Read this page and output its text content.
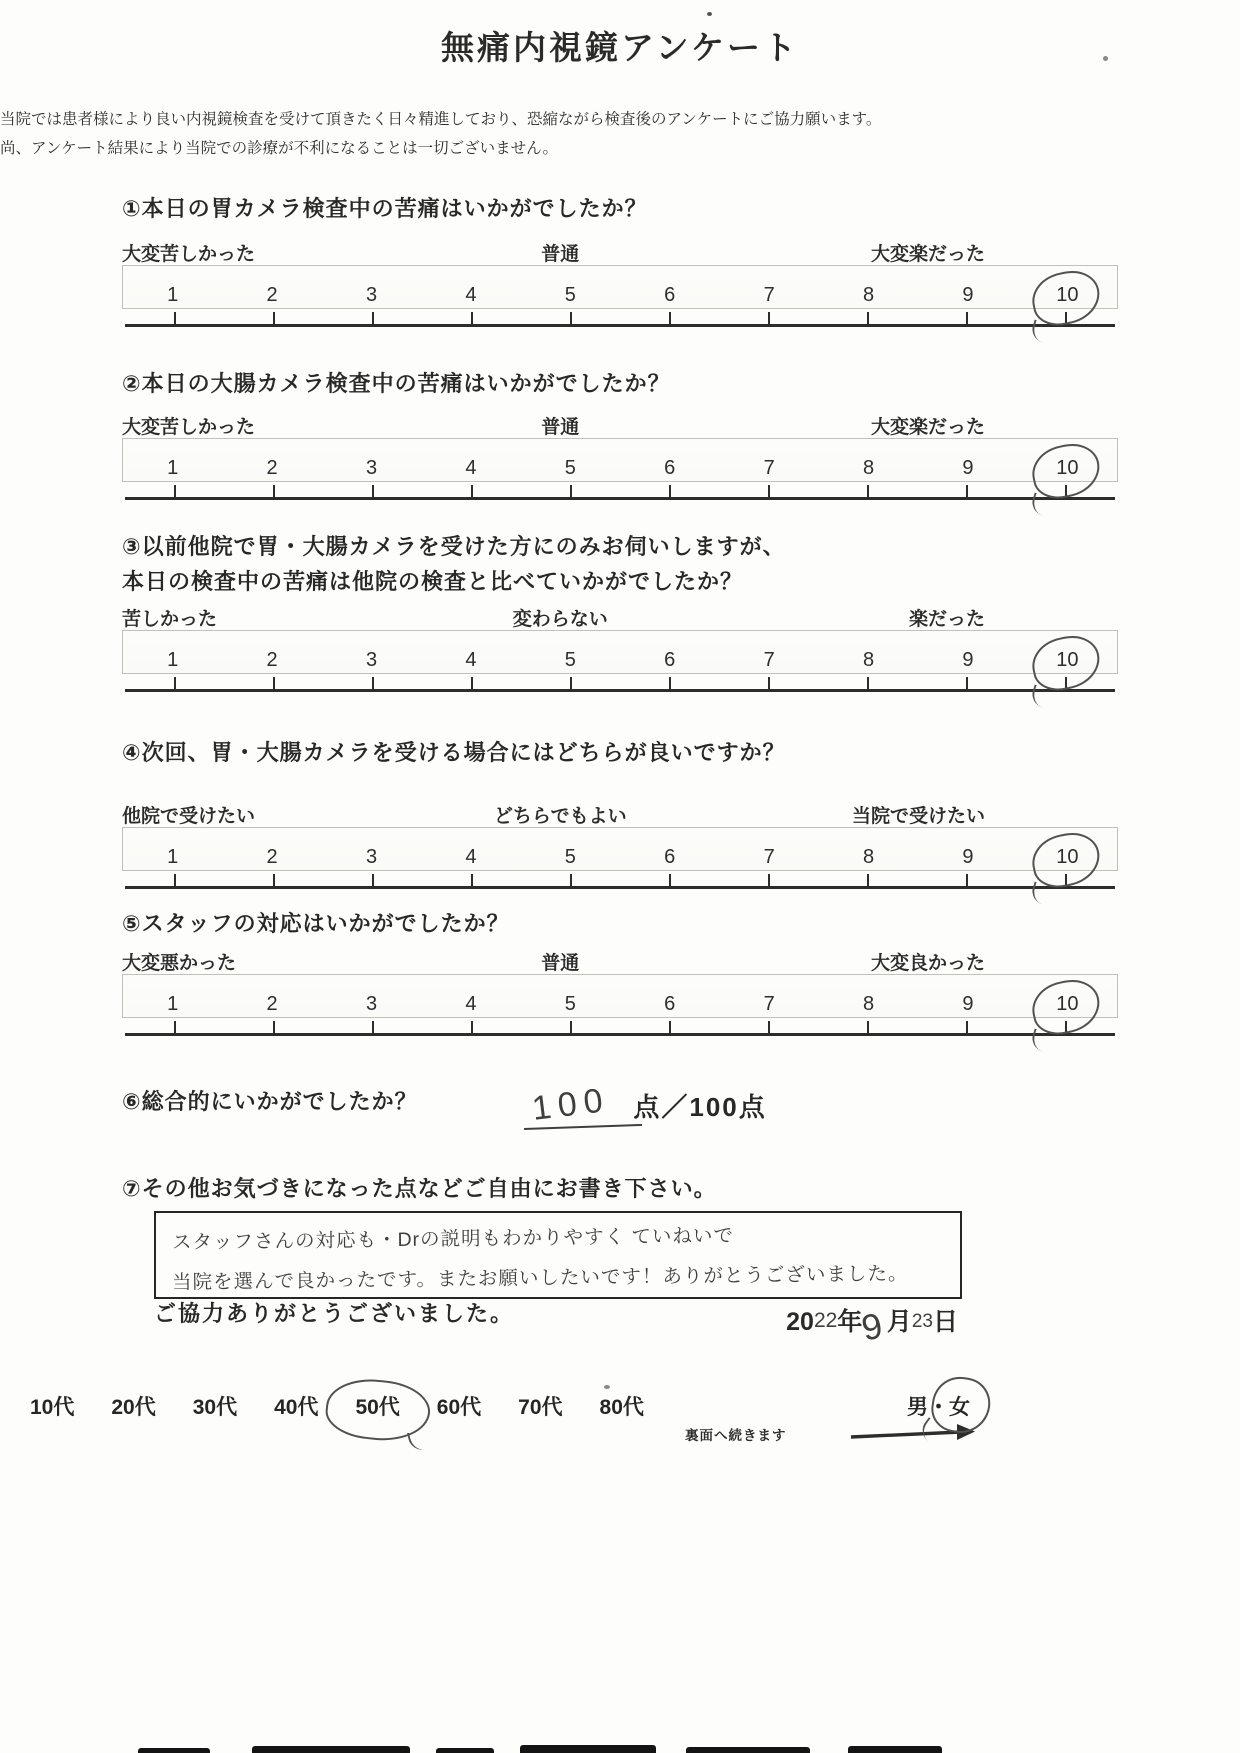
無痛内視鏡アンケート

当院では患者様により良い内視鏡検査を受けて頂きたく日々精進しており、恐縮ながら検査後のアンケートにご協力願います。

尚、アンケート結果により当院での診療が不利になることは一切ございません。

①本日の胃カメラ検査中の苦痛はいかがでしたか？
大変苦しかった	普通	大変楽だった
1	2	3	4	5	6	7	8	9	10
②本日の大腸カメラ検査中の苦痛はいかがでしたか？
大変苦しかった	普通	大変楽だった
1	2	3	4	5	6	7	8	9	10
③以前他院で胃・大腸カメラを受けた方にのみお伺いしますが、
本日の検査中の苦痛は他院の検査と比べていかがでしたか？
苦しかった	変わらない	楽だった
1	2	3	4	5	6	7	8	9	10
④次回、胃・大腸カメラを受ける場合にはどちらが良いですか？
他院で受けたい	どちらでもよい	当院で受けたい
1	2	3	4	5	6	7	8	9	10
⑤スタッフの対応はいかがでしたか？
大変悪かった	普通	大変良かった
1	2	3	4	5	6	7	8	9	10
⑥総合的にいかがでしたか？	100 点／100点
⑦その他お気づきになった点などご自由にお書き下さい。
スタッフさんの対応も・Drの説明もわかりやすく ていねいで
当院を選んで良かったです。またお願いしたいです！ありがとうございました。
ご協力ありがとうございました。	2022年9 月23日
10代 20代 30代 40代 50代 60代 70代 80代	男・
女
裏面へ続きます
